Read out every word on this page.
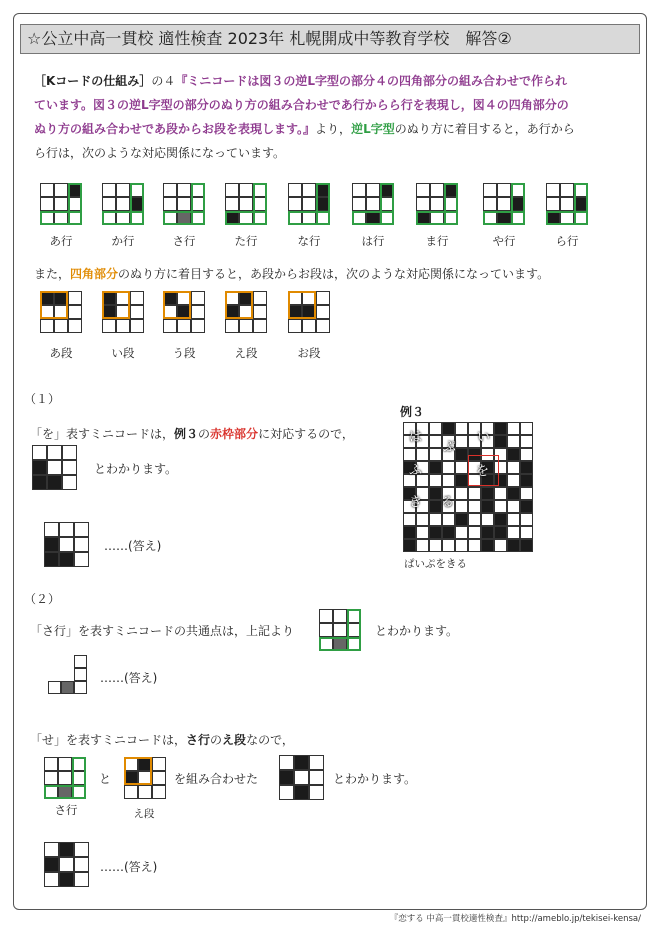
☆公立中高一貫校 適性検査 2023年 札幌開成中等教育学校　解答②
［Kコードの仕組み］の４『ミニコードは図３の逆L字型の部分４の四角部分の組み合わせで作られ
ています。図３の逆L字型の部分のぬり方の組み合わせであ行からら行を表現し，図４の四角部分の
ぬり方の組み合わせであ段からお段を表現します。』より，逆L字型のぬり方に着目すると，あ行から
ら行は，次のような対応関係になっています。
あ行	か行	さ行	た行	な行	は行	ま行	や行	ら行
また，四角部分のぬり方に着目すると，あ段からお段は，次のような対応関係になっています。
あ段	い段	う段	え段	お段
（１）
「を」表すミニコードは，例３の赤枠部分に対応するので，
とわかります。
……(答え)
例３
は	い
ぷ
を
ふ
き る
ぱいぷをきる
（２）
「さ行」を表すミニコードの共通点は，上記より	とわかります。
……(答え)
「せ」を表すミニコードは，さ行のえ段なので，
と	を組み合わせた	とわかります。
さ行	え段
……(答え)
『恋する 中高一貫校適性検査』http://ameblo.jp/tekisei-kensa/
